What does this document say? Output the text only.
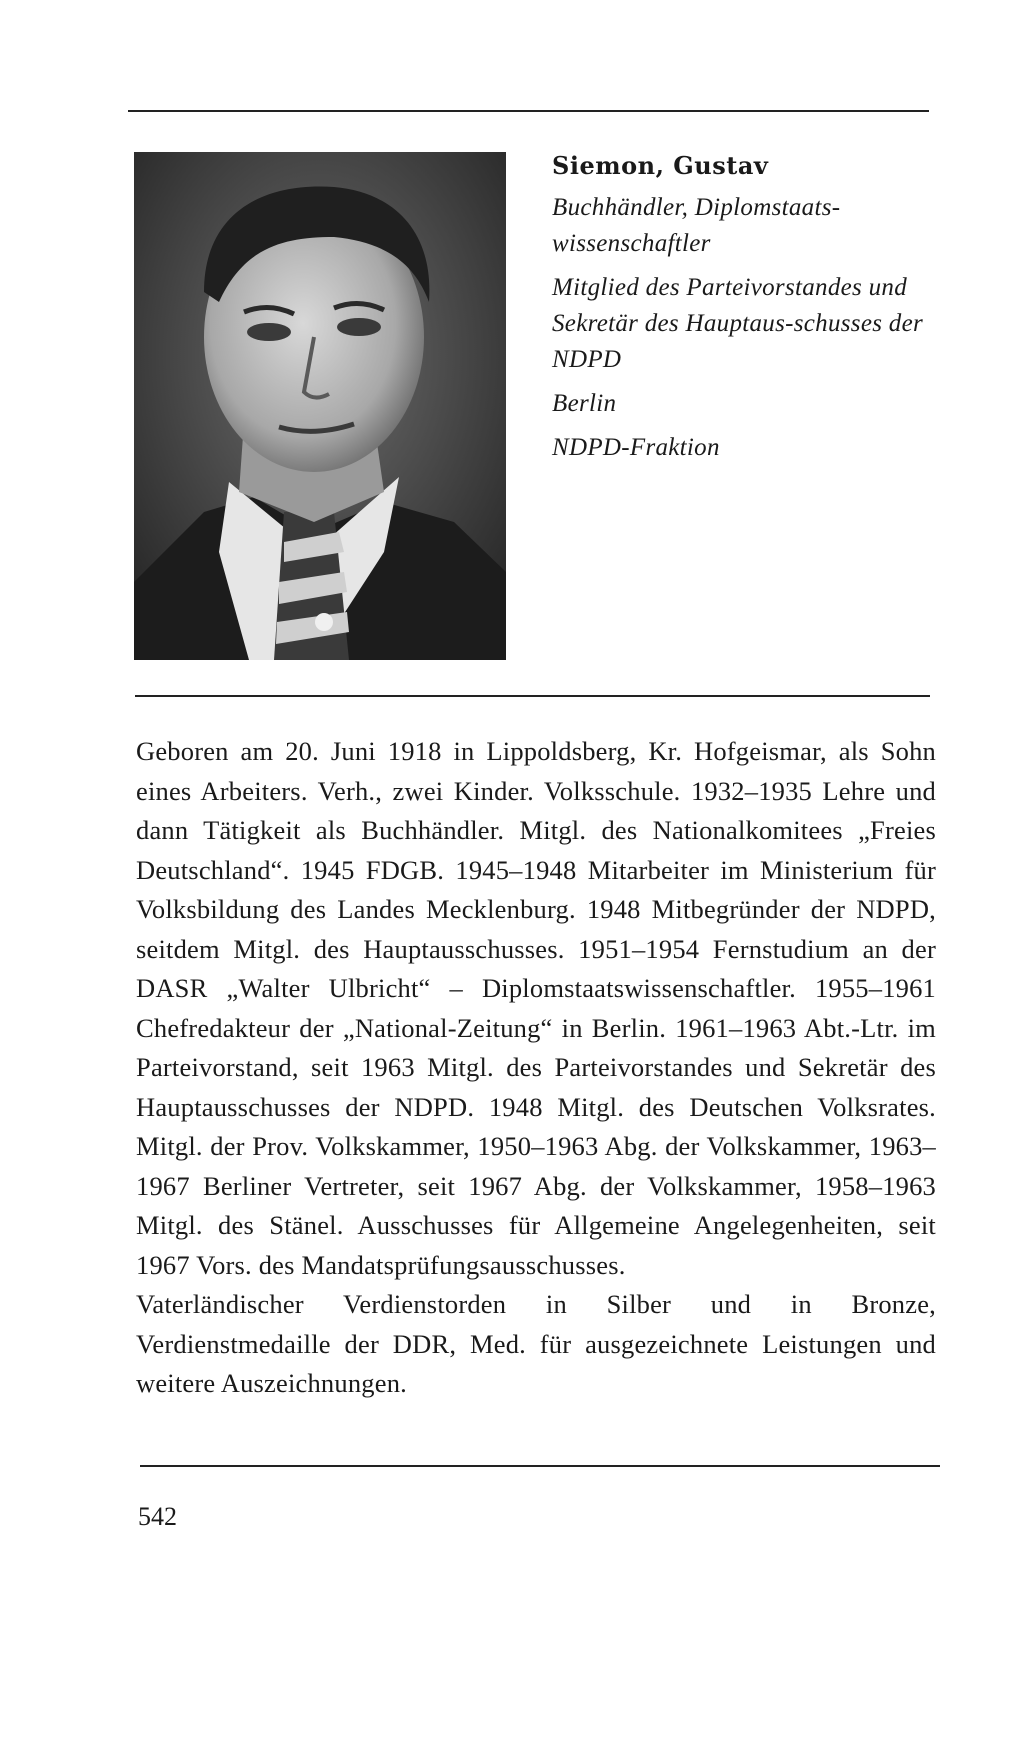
Siemon, Gustav
Buchhändler, Diplomstaats-wissenschaftler
Mitglied des Parteivorstandes und Sekretär des Hauptaus-schusses der NDPD
Berlin
NDPD-Fraktion

Geboren am 20. Juni 1918 in Lippoldsberg, Kr. Hofgeismar, als Sohn eines Arbeiters. Verh., zwei Kinder. Volksschule. 1932–1935 Lehre und dann Tätigkeit als Buchhändler. Mitgl. des Nationalkomitees „Freies Deutschland“. 1945 FDGB. 1945–1948 Mitarbeiter im Ministerium für Volksbildung des Landes Mecklenburg. 1948 Mitbegründer der NDPD, seitdem Mitgl. des Hauptausschusses. 1951–1954 Fernstudium an der DASR „Walter Ulbricht“ – Diplomstaatswissenschaftler. 1955–1961 Chefredakteur der „National-Zeitung“ in Berlin. 1961–1963 Abt.-Ltr. im Parteivorstand, seit 1963 Mitgl. des Parteivorstandes und Sekretär des Hauptausschusses der NDPD. 1948 Mitgl. des Deutschen Volksrates. Mitgl. der Prov. Volkskammer, 1950–1963 Abg. der Volkskammer, 1963–1967 Berliner Vertreter, seit 1967 Abg. der Volkskammer, 1958–1963 Mitgl. des Stänel. Ausschusses für Allgemeine Angelegenheiten, seit 1967 Vors. des Mandatsprüfungsausschusses.

Vaterländischer Verdienstorden in Silber und in Bronze, Verdienstmedaille der DDR, Med. für ausgezeichnete Leistungen und weitere Auszeichnungen.

542
